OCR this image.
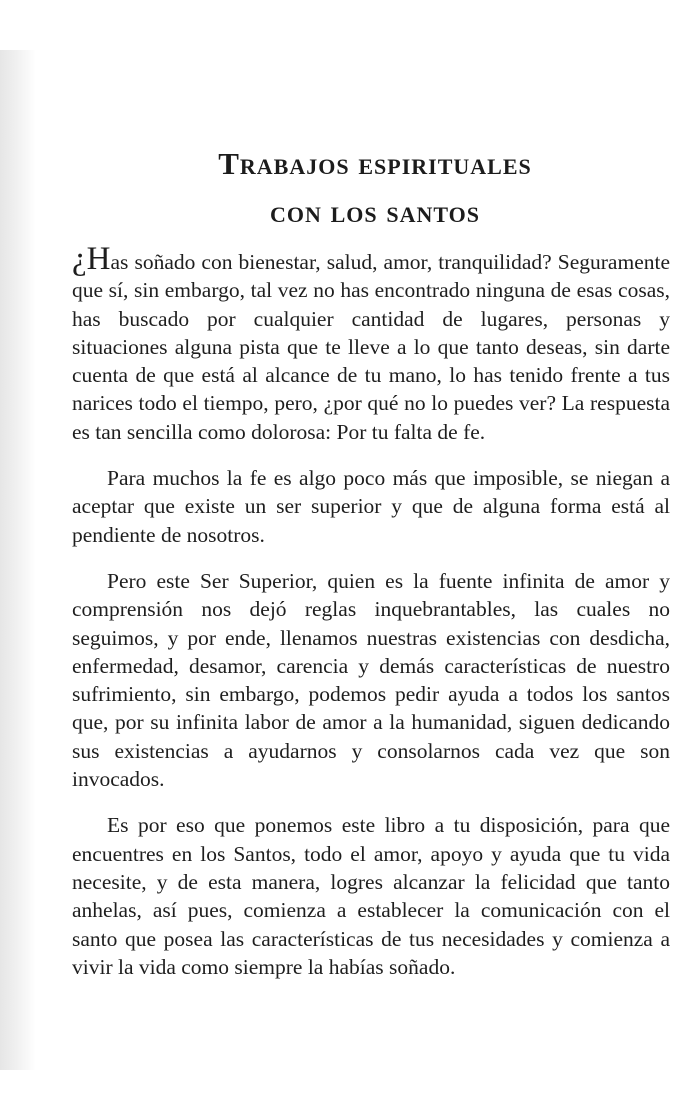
Trabajos espirituales
con los santos

¿Has soñado con bienestar, salud, amor, tranquilidad? Seguramente que sí, sin embargo, tal vez no has encontrado ninguna de esas cosas, has buscado por cualquier cantidad de lugares, personas y situaciones alguna pista que te lleve a lo que tanto deseas, sin darte cuenta de que está al alcance de tu mano, lo has tenido frente a tus narices todo el tiempo, pero, ¿por qué no lo puedes ver? La respuesta es tan sencilla como dolorosa: Por tu falta de fe.

Para muchos la fe es algo poco más que imposible, se niegan a aceptar que existe un ser superior y que de alguna forma está al pendiente de nosotros.

Pero este Ser Superior, quien es la fuente infinita de amor y comprensión nos dejó reglas inquebrantables, las cuales no seguimos, y por ende, llenamos nuestras existencias con desdicha, enfermedad, desamor, carencia y demás características de nuestro sufrimiento, sin embargo, podemos pedir ayuda a todos los santos que, por su infinita labor de amor a la humanidad, siguen dedicando sus existencias a ayudarnos y consolarnos cada vez que son invocados.

Es por eso que ponemos este libro a tu disposición, para que encuentres en los Santos, todo el amor, apoyo y ayuda que tu vida necesite, y de esta manera, logres alcanzar la felicidad que tanto anhelas, así pues, comienza a establecer la comunicación con el santo que posea las características de tus necesidades y comienza a vivir la vida como siempre la habías soñado.
